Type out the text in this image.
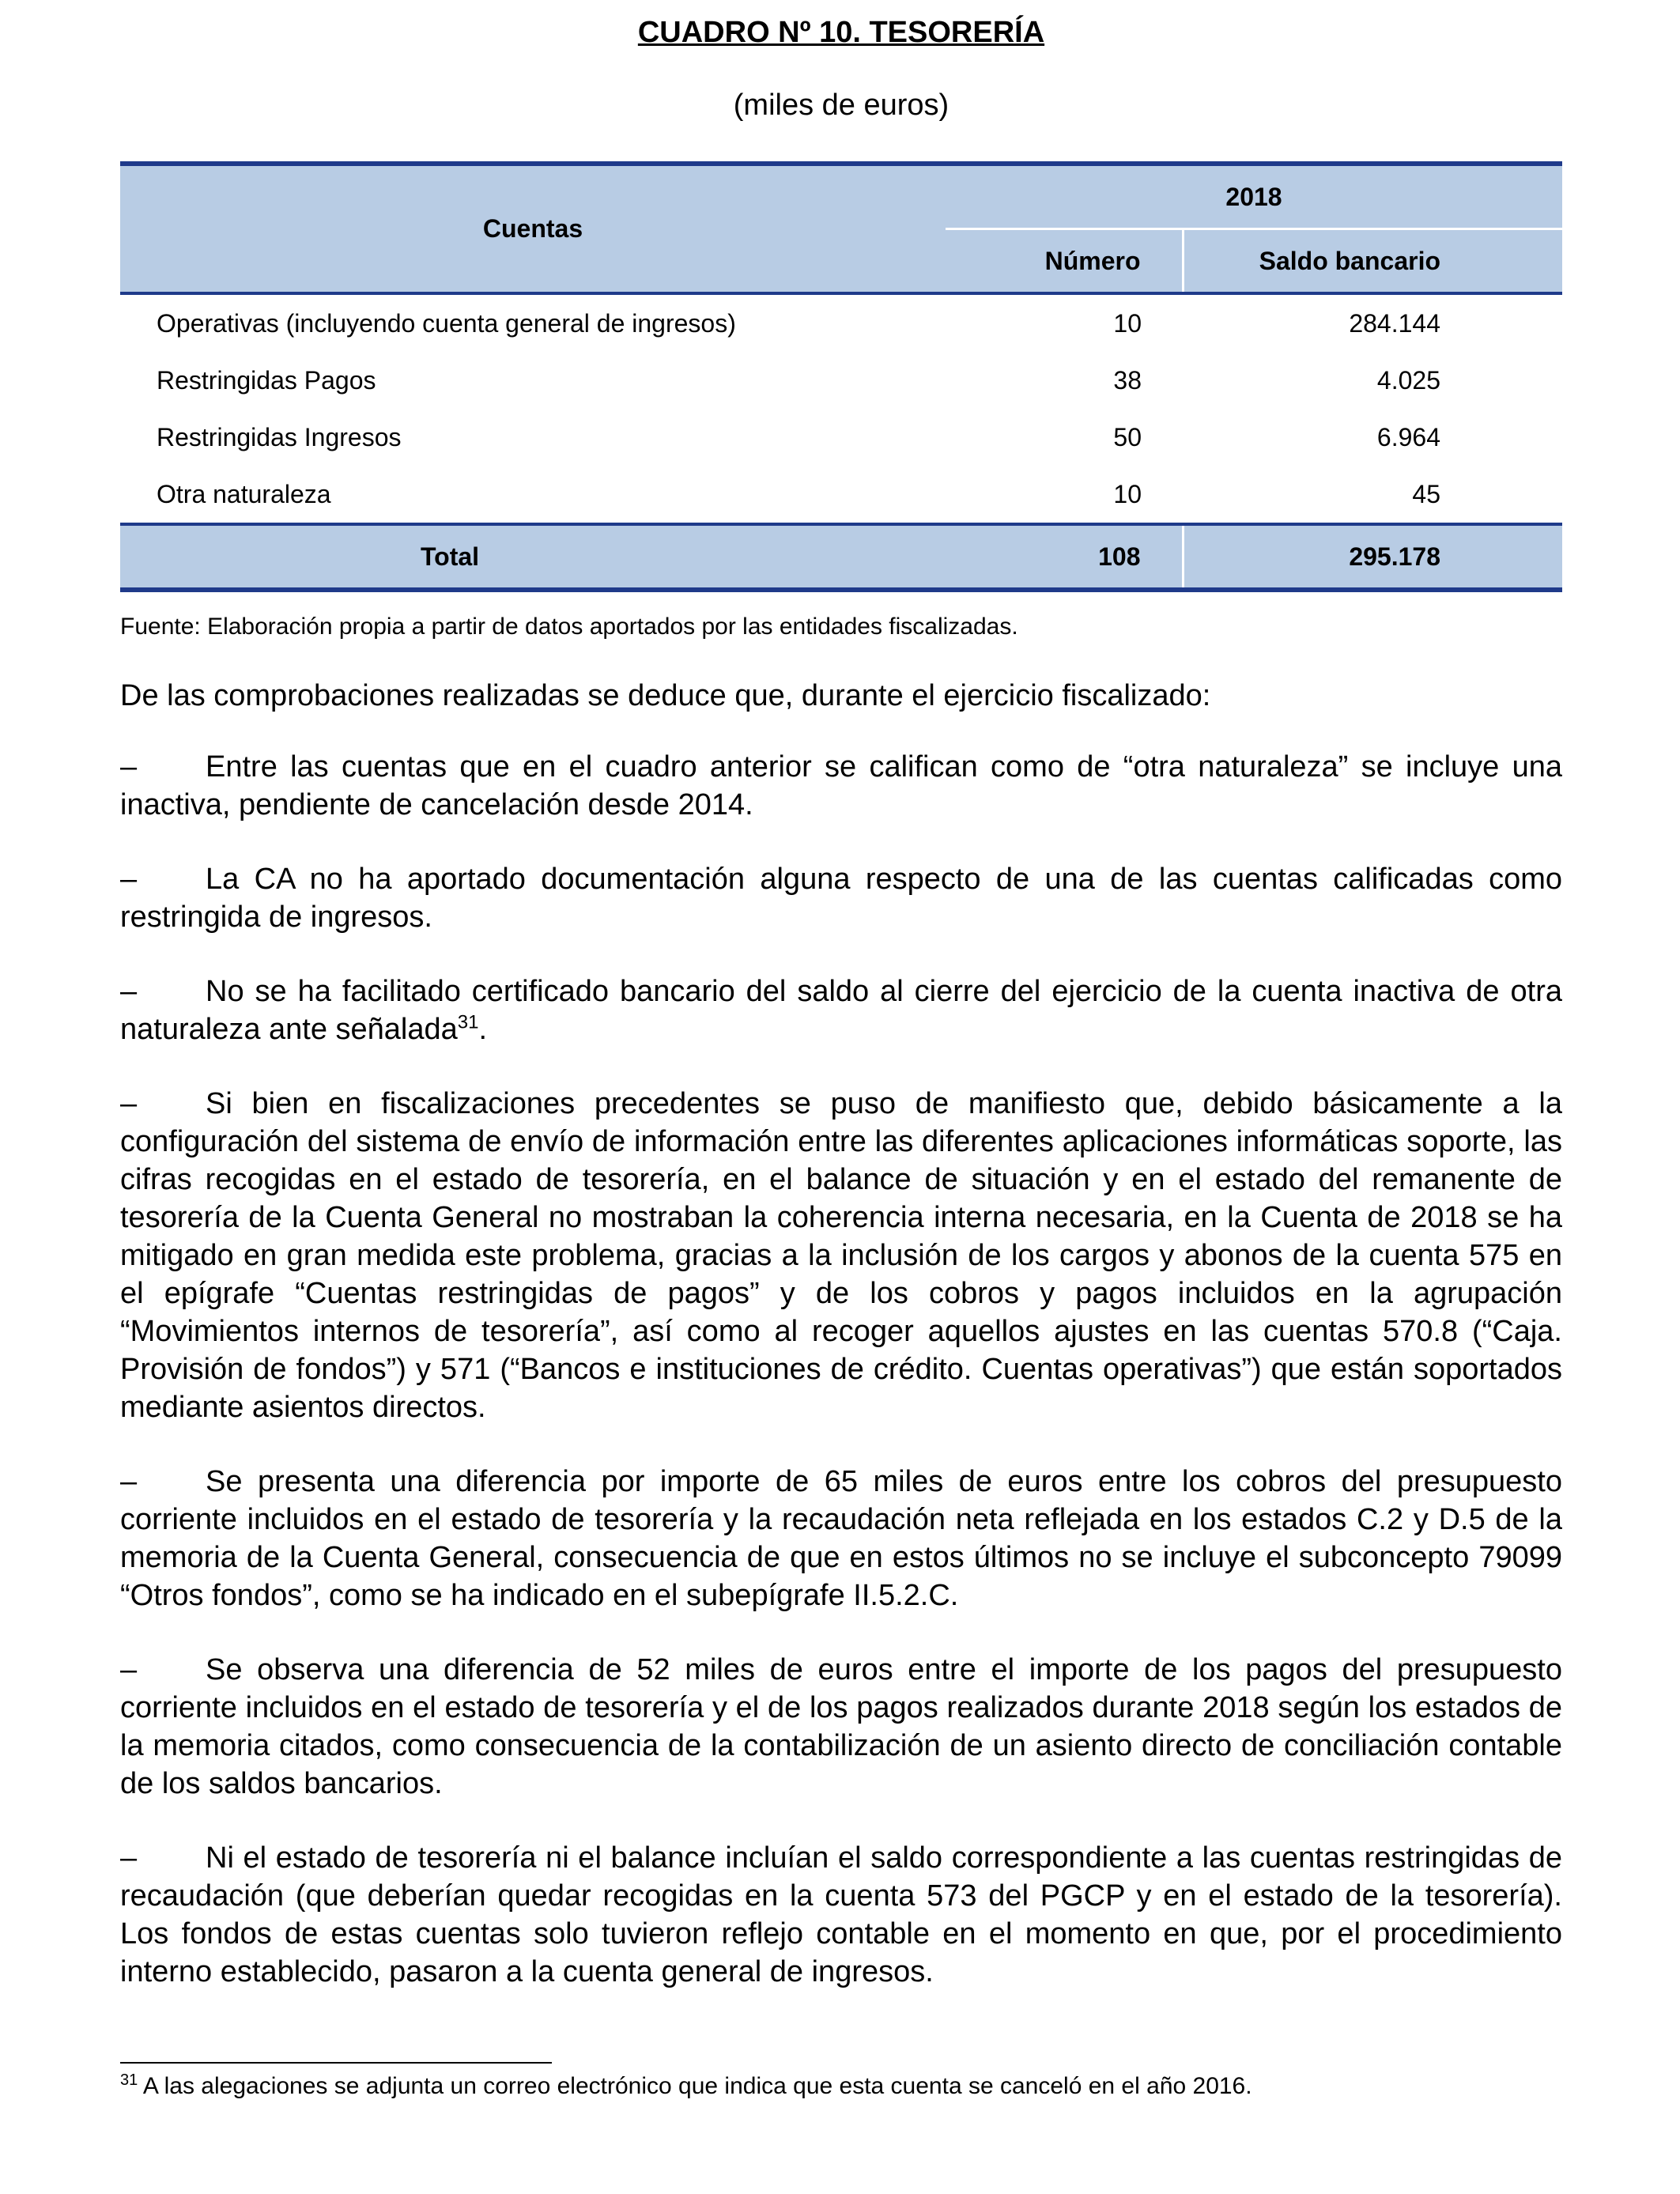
CUADRO Nº 10. TESORERÍA

(miles de euros)

Cuentas	2018	
	Número	Saldo bancario
Operativas (incluyendo cuenta general de ingresos)	10	284.144
Restringidas Pagos	38	4.025
Restringidas Ingresos	50	6.964
Otra naturaleza	10	45
Total	108	295.178

Fuente: Elaboración propia a partir de datos aportados por las entidades fiscalizadas.

De las comprobaciones realizadas se deduce que, durante el ejercicio fiscalizado:

– Entre las cuentas que en el cuadro anterior se califican como de “otra naturaleza” se incluye una inactiva, pendiente de cancelación desde 2014.

– La CA no ha aportado documentación alguna respecto de una de las cuentas calificadas como restringida de ingresos.

– No se ha facilitado certificado bancario del saldo al cierre del ejercicio de la cuenta inactiva de otra naturaleza ante señalada$^{31}$.

– Si bien en fiscalizaciones precedentes se puso de manifiesto que, debido básicamente a la configuración del sistema de envío de información entre las diferentes aplicaciones informáticas soporte, las cifras recogidas en el estado de tesorería, en el balance de situación y en el estado del remanente de tesorería de la Cuenta General no mostraban la coherencia interna necesaria, en la Cuenta de 2018 se ha mitigado en gran medida este problema, gracias a la inclusión de los cargos y abonos de la cuenta 575 en el epígrafe “Cuentas restringidas de pagos” y de los cobros y pagos incluidos en la agrupación “Movimientos internos de tesorería”, así como al recoger aquellos ajustes en las cuentas 570.8 (“Caja. Provisión de fondos”) y 571 (“Bancos e instituciones de crédito. Cuentas operativas”) que están soportados mediante asientos directos.

– Se presenta una diferencia por importe de 65 miles de euros entre los cobros del presupuesto corriente incluidos en el estado de tesorería y la recaudación neta reflejada en los estados C.2 y D.5 de la memoria de la Cuenta General, consecuencia de que en estos últimos no se incluye el subconcepto 79099 “Otros fondos”, como se ha indicado en el subepígrafe II.5.2.C.

– Se observa una diferencia de 52 miles de euros entre el importe de los pagos del presupuesto corriente incluidos en el estado de tesorería y el de los pagos realizados durante 2018 según los estados de la memoria citados, como consecuencia de la contabilización de un asiento directo de conciliación contable de los saldos bancarios.

– Ni el estado de tesorería ni el balance incluían el saldo correspondiente a las cuentas restringidas de recaudación (que deberían quedar recogidas en la cuenta 573 del PGCP y en el estado de la tesorería). Los fondos de estas cuentas solo tuvieron reflejo contable en el momento en que, por el procedimiento interno establecido, pasaron a la cuenta general de ingresos.

$^{31}$ A las alegaciones se adjunta un correo electrónico que indica que esta cuenta se canceló en el año 2016.
